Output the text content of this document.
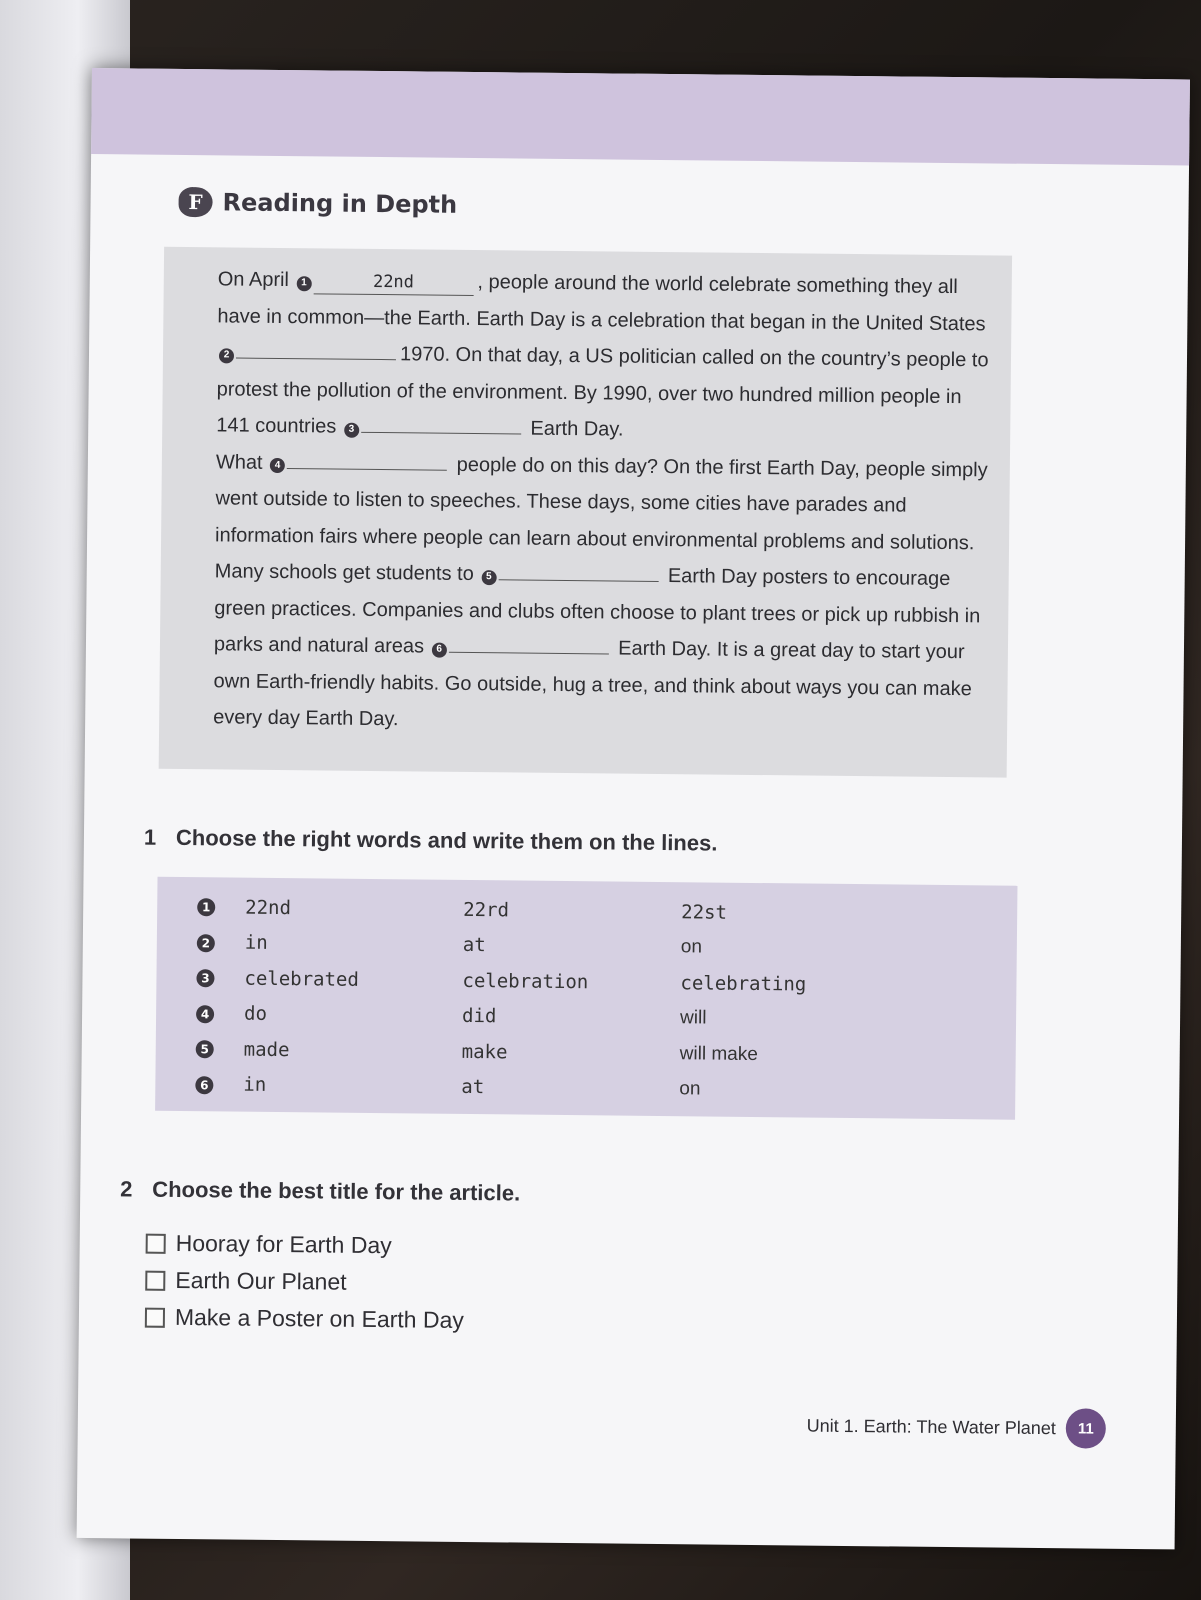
F Reading in Depth

On April 1	22nd	, people around the world celebrate something they all have in common—the Earth. Earth Day is a celebration that began in the United States 2	1970. On that day, a US politician called on the country’s people to protest the pollution of the environment. By 1990, over two hundred million people in 141 countries 3	Earth Day.

What 4	people do on this day? On the first Earth Day, people simply went outside to listen to speeches. These days, some cities have parades and information fairs where people can learn about environmental problems and solutions. Many schools get students to 5	Earth Day posters to encourage green practices. Companies and clubs often choose to plant trees or pick up rubbish in parks and natural areas 6	Earth Day. It is a great day to start your own Earth-friendly habits. Go outside, hug a tree, and think about ways you can make every day Earth Day.

1 Choose the right words and write them on the lines.
1	22nd	22rd	22st
2	in	at	on
3	celebrated	celebration	celebrating
4	do	did	will
5	made	make	will make
6	in	at	on
2 Choose the best title for the article.
Hooray for Earth Day
Earth Our Planet
Make a Poster on Earth Day
Unit 1. Earth: The Water Planet	11
